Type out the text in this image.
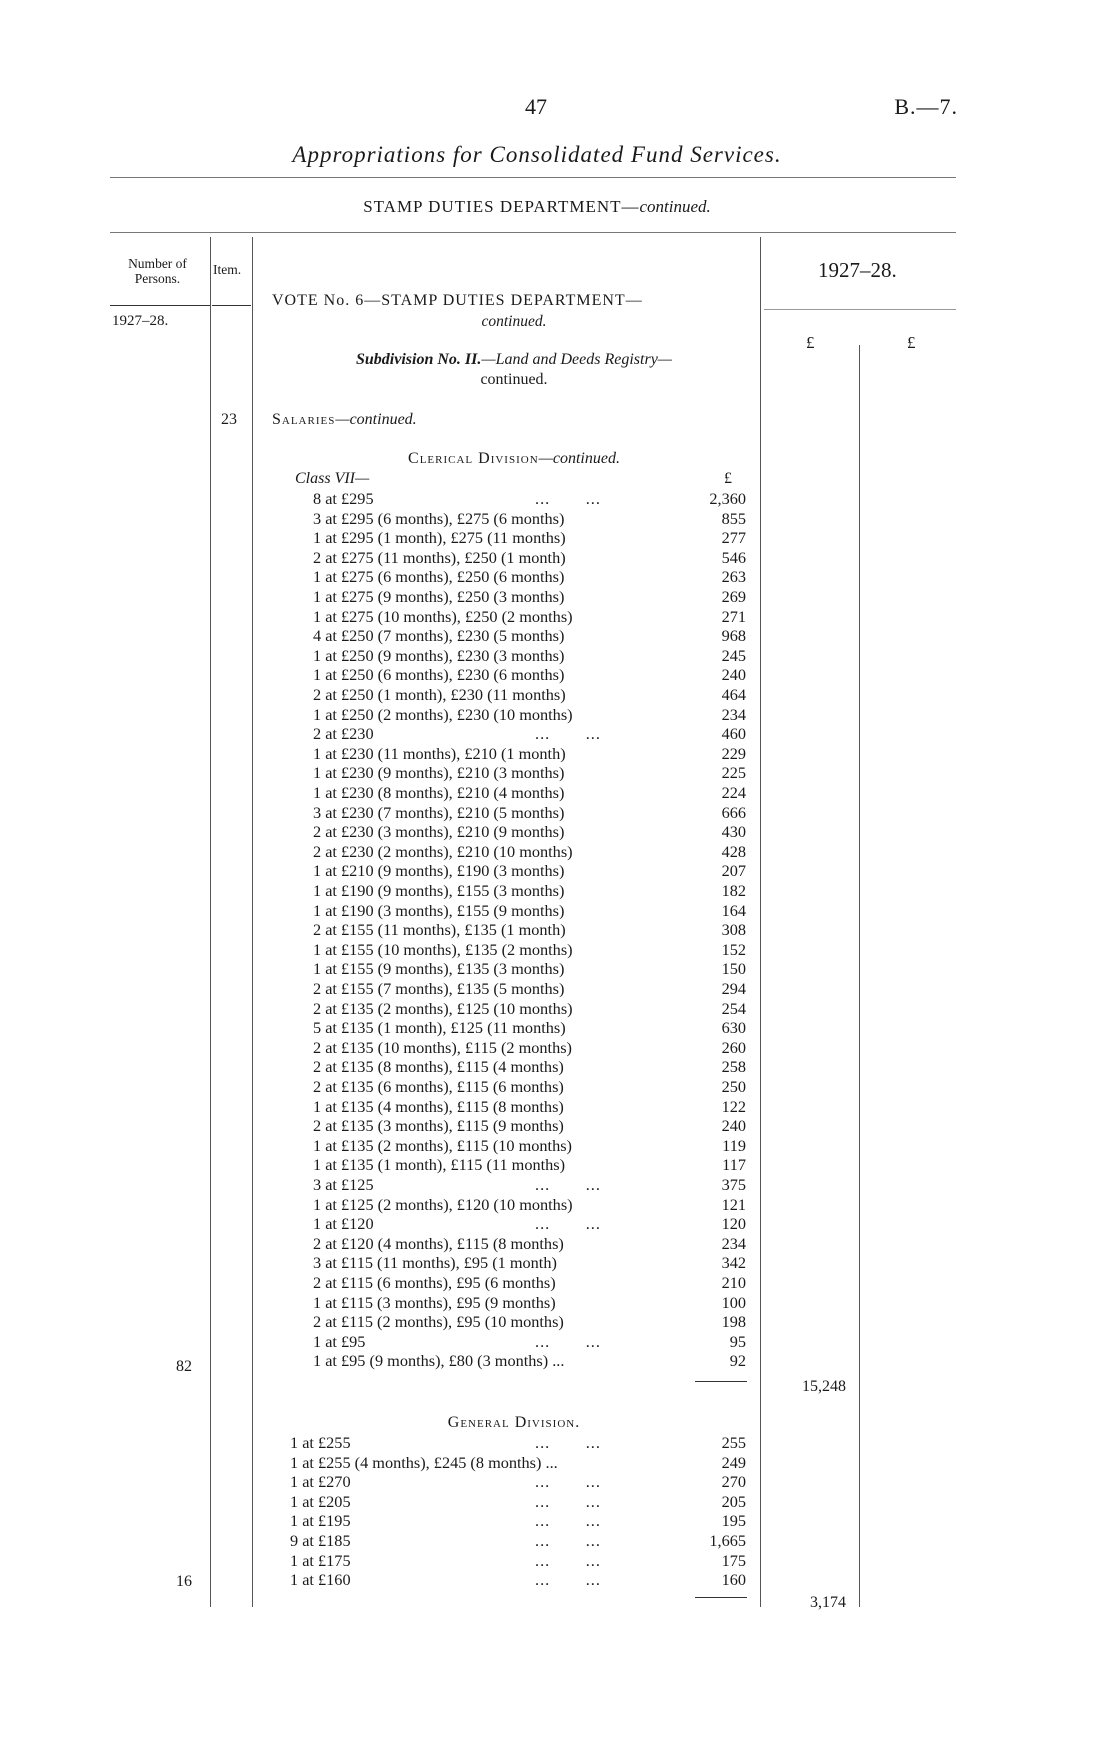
47	B.—7.
Appropriations for Consolidated Fund Services.
STAMP DUTIES DEPARTMENT—continued.
Number of Persons.
Item.
1927–28.
1927–28.
£	£
VOTE No. 6—STAMP DUTIES DEPARTMENT—
continued.
Subdivision No. II.—Land and Deeds Registry—
continued.
23 Salaries—continued.
Clerical Division—continued.
Class VII—	£
8 at £295	...       ...	2,360
3 at £295 (6 months), £275 (6 months)	855
1 at £295 (1 month), £275 (11 months)	277
2 at £275 (11 months), £250 (1 month)	546
1 at £275 (6 months), £250 (6 months)	263
1 at £275 (9 months), £250 (3 months)	269
1 at £275 (10 months), £250 (2 months)	271
4 at £250 (7 months), £230 (5 months)	968
1 at £250 (9 months), £230 (3 months)	245
1 at £250 (6 months), £230 (6 months)	240
2 at £250 (1 month), £230 (11 months)	464
1 at £250 (2 months), £230 (10 months)	234
2 at £230	...       ...	460
1 at £230 (11 months), £210 (1 month)	229
1 at £230 (9 months), £210 (3 months)	225
1 at £230 (8 months), £210 (4 months)	224
3 at £230 (7 months), £210 (5 months)	666
2 at £230 (3 months), £210 (9 months)	430
2 at £230 (2 months), £210 (10 months)	428
1 at £210 (9 months), £190 (3 months)	207
1 at £190 (9 months), £155 (3 months)	182
1 at £190 (3 months), £155 (9 months)	164
2 at £155 (11 months), £135 (1 month)	308
1 at £155 (10 months), £135 (2 months)	152
1 at £155 (9 months), £135 (3 months)	150
2 at £155 (7 months), £135 (5 months)	294
2 at £135 (2 months), £125 (10 months)	254
5 at £135 (1 month), £125 (11 months)	630
2 at £135 (10 months), £115 (2 months)	260
2 at £135 (8 months), £115 (4 months)	258
2 at £135 (6 months), £115 (6 months)	250
1 at £135 (4 months), £115 (8 months)	122
2 at £135 (3 months), £115 (9 months)	240
1 at £135 (2 months), £115 (10 months)	119
1 at £135 (1 month), £115 (11 months)	117
3 at £125	...       ...	375
1 at £125 (2 months), £120 (10 months)	121
1 at £120	...       ...	120
2 at £120 (4 months), £115 (8 months)	234
3 at £115 (11 months), £95 (1 month)	342
2 at £115 (6 months), £95 (6 months)	210
1 at £115 (3 months), £95 (9 months)	100
2 at £115 (2 months), £95 (10 months)	198
1 at £95	...       ...	95
1 at £95 (9 months), £80 (3 months) ...	92
82
15,248
General Division.
1 at £255	...       ...	255
1 at £255 (4 months), £245 (8 months) ...	249
1 at £270	...       ...	270
1 at £205	...       ...	205
1 at £195	...       ...	195
9 at £185	...       ...	1,665
1 at £175	...       ...	175
1 at £160	...       ...	160
16
3,174
